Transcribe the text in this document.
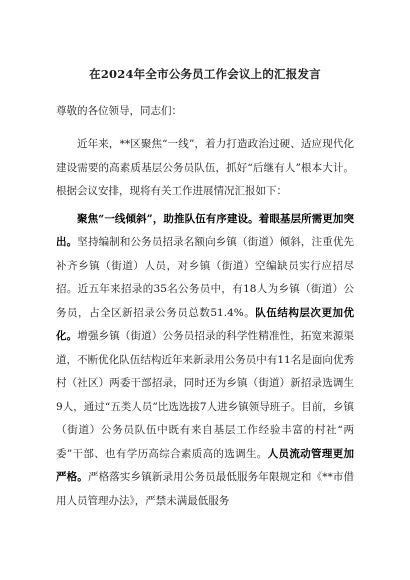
在2024年全市公务员工作会议上的汇报发言
尊敬的各位领导，同志们：

近年来，**区聚焦“一线”，着力打造政治过硬、适应现代化建设需要的高素质基层公务员队伍，抓好“后继有人”根本大计。根据会议安排，现将有关工作进展情况汇报如下：

聚焦“一线倾斜”，助推队伍有序建设。着眼基层所需更加突出。坚持编制和公务员招录名额向乡镇（街道）倾斜，注重优先补齐乡镇（街道）人员，对乡镇（街道）空编缺员实行应招尽招。近五年来招录的35名公务员中，有18人为乡镇（街道）公务员，占全区新招录公务员总数51.4%。队伍结构层次更加优化。增强乡镇（街道）公务员招录的科学性精准性，拓宽来源渠道，不断优化队伍结构近年来新录用公务员中有11名是面向优秀村（社区）两委干部招录，同时还为乡镇（街道）新招录选调生9人，通过“五类人员”比选选拔7人进乡镇领导班子。目前，乡镇（街道）公务员队伍中既有来自基层工作经验丰富的村社“两委”干部、也有学历高综合素质高的选调生。人员流动管理更加严格。严格落实乡镇新录用公务员最低服务年限规定和《**市借用人员管理办法》，严禁未满最低服务
